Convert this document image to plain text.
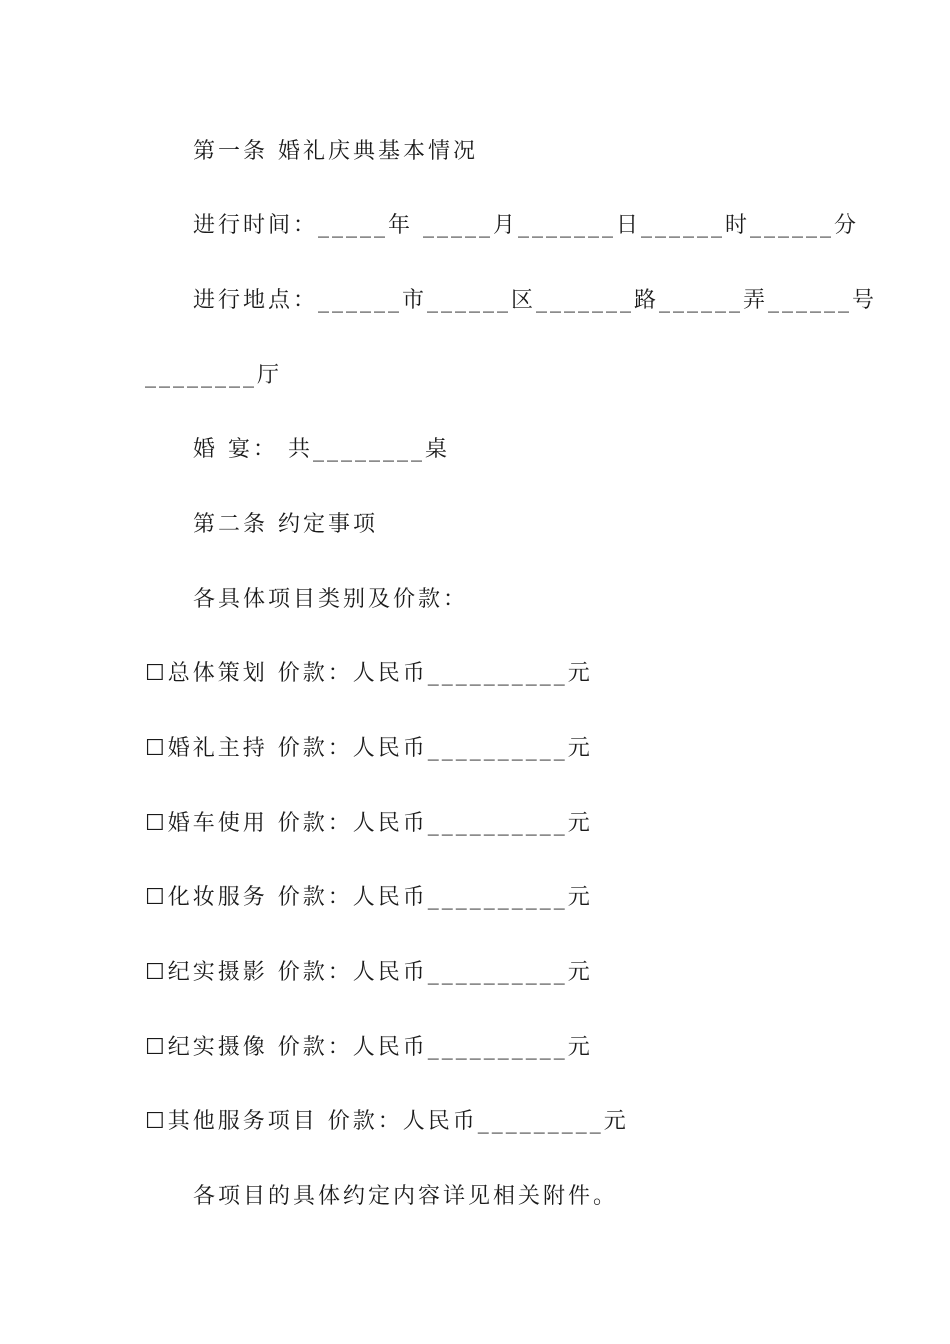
第一条 婚礼庆典基本情况
进行时间：_____年 _____月_______日______时______分
进行地点：______市______区_______路______弄______号
________厅
婚 宴： 共________桌
第二条 约定事项
各具体项目类别及价款：
☐总体策划 价款：人民币__________元
☐婚礼主持 价款：人民币__________元
☐婚车使用 价款：人民币__________元
☐化妆服务 价款：人民币__________元
☐纪实摄影 价款：人民币__________元
☐纪实摄像 价款：人民币__________元
☐其他服务项目 价款：人民币_________元
各项目的具体约定内容详见相关附件。
